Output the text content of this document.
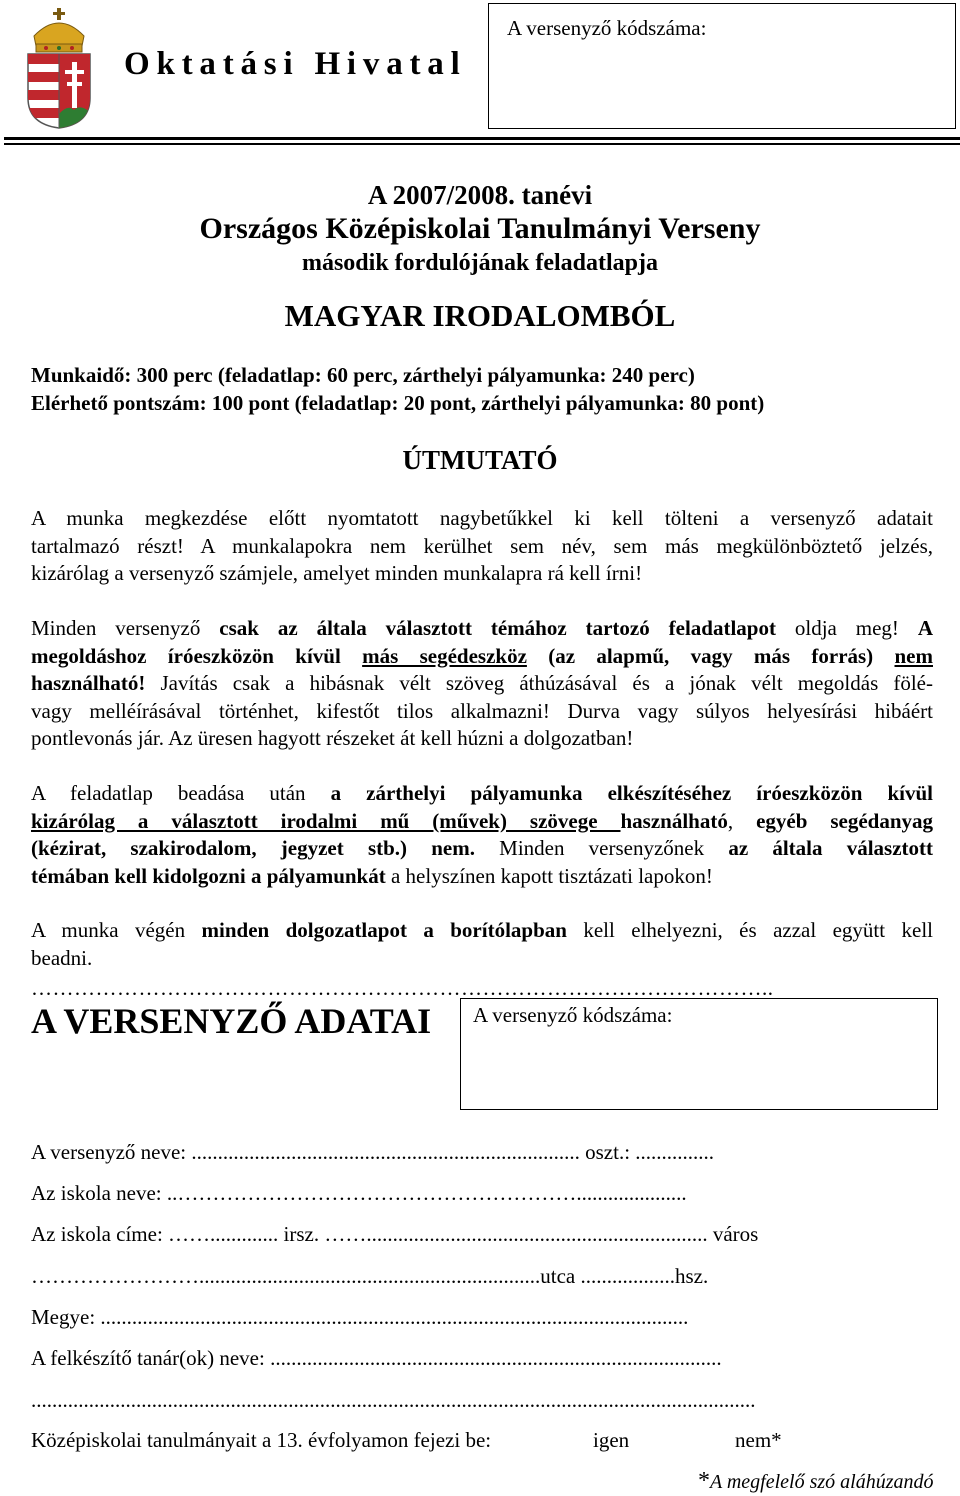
Oktatási Hivatal
A versenyző kódszáma:
A 2007/2008. tanévi
Országos Középiskolai Tanulmányi Verseny
második fordulójának feladatlapja
MAGYAR IRODALOMBÓL
Munkaidő: 300 perc (feladatlap: 60 perc, zárthelyi pályamunka: 240 perc)
Elérhető pontszám: 100 pont (feladatlap: 20 pont, zárthelyi pályamunka: 80 pont)
ÚTMUTATÓ
A munka megkezdése előtt nyomtatott nagybetűkkel ki kell tölteni a versenyző adatait
tartalmazó részt! A munkalapokra nem kerülhet sem név, sem más megkülönböztető jelzés,
kizárólag a versenyző számjele, amelyet minden munkalapra rá kell írni!
Minden versenyző csak az általa választott témához tartozó feladatlapot oldja meg! A
megoldáshoz íróeszközön kívül más segédeszköz (az alapmű, vagy más forrás) nem
használható! Javítás csak a hibásnak vélt szöveg áthúzásával és a jónak vélt megoldás fölé-
vagy melléírásával történhet, kifestőt tilos alkalmazni! Durva vagy súlyos helyesírási hibáért
pontlevonás jár. Az üresen hagyott részeket át kell húzni a dolgozatban!
A feladatlap beadása után a zárthelyi pályamunka elkészítéséhez íróeszközön kívül
kizárólag a választott irodalmi mű (művek) szövege használható, egyéb segédanyag
(kézirat, szakirodalom, jegyzet stb.) nem. Minden versenyzőnek az általa választott
témában kell kidolgozni a pályamunkát a helyszínen kapott tisztázati lapokon!
A munka végén minden dolgozatlapot a borítólapban kell elhelyezni, és azzal együtt kell
beadni.
…………………………………………………………………………………………..
A VERSENYZŐ ADATAI A versenyző kódszáma:
A versenyző neve: .......................................................................... oszt.: ...............
Az iskola neve: ..………………………………………………….....................
Az iskola címe: ……............. irsz. ……................................................................. város
…………………….................................................................utca ..................hsz.
Megye: ................................................................................................................
A felkészítő tanár(ok) neve: ......................................................................................
..........................................................................................................................................
Középiskolai tanulmányait a 13. évfolyamon fejezi be:	igen	nem*
*A megfelelő szó aláhúzandó
